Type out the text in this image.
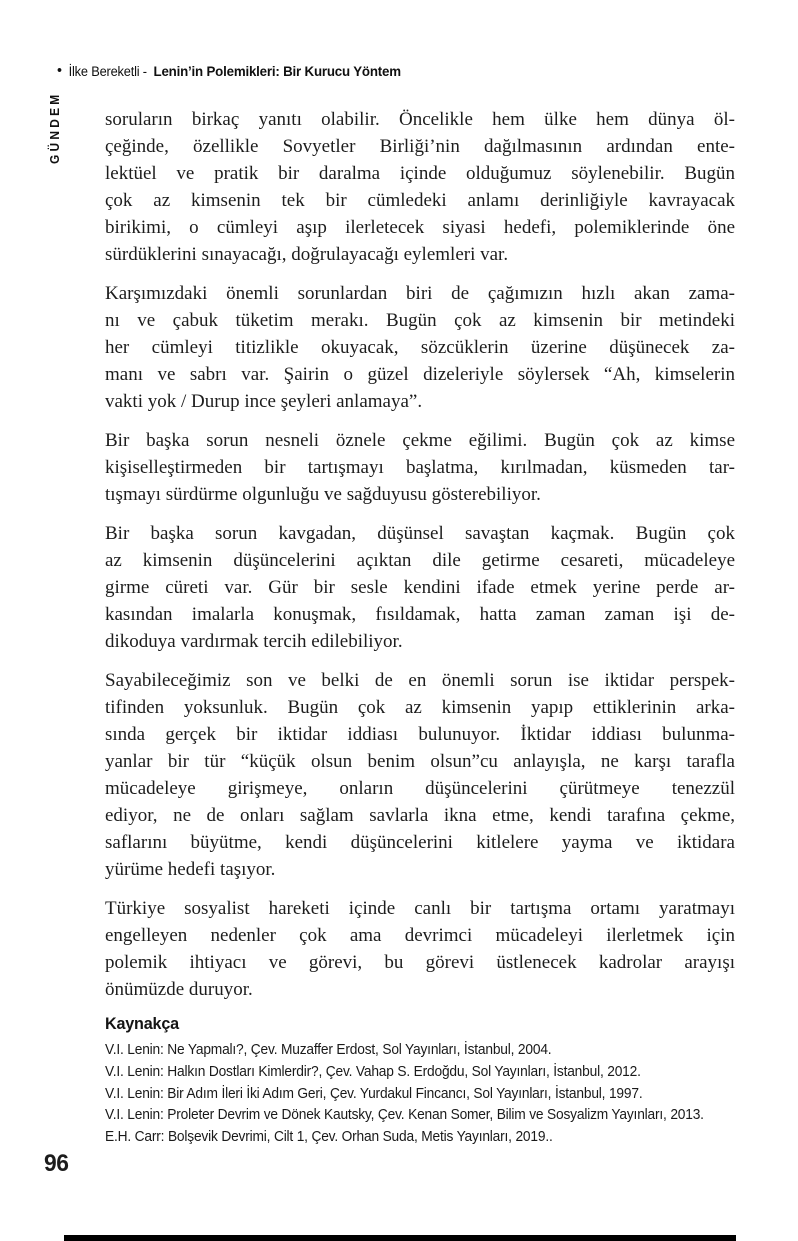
• İlke Bereketli - Lenin’in Polemikleri: Bir Kurucu Yöntem
GÜNDEM soruların birkaç yanıtı olabilir. Öncelikle hem ülke hem dünya öl-
çeğinde, özellikle Sovyetler Birliği’nin dağılmasının ardından ente-
lektüel ve pratik bir daralma içinde olduğumuz söylenebilir. Bugün
çok az kimsenin tek bir cümledeki anlamı derinliğiyle kavrayacak
birikimi, o cümleyi aşıp ilerletecek siyasi hedefi, polemiklerinde öne
sürdüklerini sınayacağı, doğrulayacağı eylemleri var.

Karşımızdaki önemli sorunlardan biri de çağımızın hızlı akan zama-
nı ve çabuk tüketim merakı. Bugün çok az kimsenin bir metindeki
her cümleyi titizlikle okuyacak, sözcüklerin üzerine düşünecek za-
manı ve sabrı var. Şairin o güzel dizeleriyle söylersek “Ah, kimselerin
vakti yok / Durup ince şeyleri anlamaya”.

Bir başka sorun nesneli öznele çekme eğilimi. Bugün çok az kimse
kişiselleştirmeden bir tartışmayı başlatma, kırılmadan, küsmeden tar-
tışmayı sürdürme olgunluğu ve sağduyusu gösterebiliyor.

Bir başka sorun kavgadan, düşünsel savaştan kaçmak. Bugün çok
az kimsenin düşüncelerini açıktan dile getirme cesareti, mücadeleye
girme cüreti var. Gür bir sesle kendini ifade etmek yerine perde ar-
kasından imalarla konuşmak, fısıldamak, hatta zaman zaman işi de-
dikoduya vardırmak tercih edilebiliyor.

Sayabileceğimiz son ve belki de en önemli sorun ise iktidar perspek-
tifinden yoksunluk. Bugün çok az kimsenin yapıp ettiklerinin arka-
sında gerçek bir iktidar iddiası bulunuyor. İktidar iddiası bulunma-
yanlar bir tür “küçük olsun benim olsun”cu anlayışla, ne karşı tarafla
mücadeleye girişmeye, onların düşüncelerini çürütmeye tenezzül
ediyor, ne de onları sağlam savlarla ikna etme, kendi tarafına çekme,
saflarını büyütme, kendi düşüncelerini kitlelere yayma ve iktidara
yürüme hedefi taşıyor.

Türkiye sosyalist hareketi içinde canlı bir tartışma ortamı yaratmayı
engelleyen nedenler çok ama devrimci mücadeleyi ilerletmek için
polemik ihtiyacı ve görevi, bu görevi üstlenecek kadrolar arayışı
önümüzde duruyor.

Kaynakça
V.I. Lenin: Ne Yapmalı?, Çev. Muzaffer Erdost, Sol Yayınları, İstanbul, 2004.
V.I. Lenin: Halkın Dostları Kimlerdir?, Çev. Vahap S. Erdoğdu, Sol Yayınları, İstanbul, 2012.
V.I. Lenin: Bir Adım İleri İki Adım Geri, Çev. Yurdakul Fincancı, Sol Yayınları, İstanbul, 1997.
V.I. Lenin: Proleter Devrim ve Dönek Kautsky, Çev. Kenan Somer, Bilim ve Sosyalizm Yayınları, 2013.
E.H. Carr: Bolşevik Devrimi, Cilt 1, Çev. Orhan Suda, Metis Yayınları, 2019..
96
